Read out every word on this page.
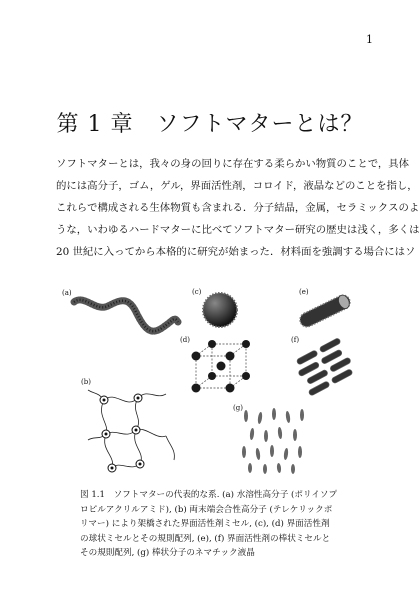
1
第 1 章　ソフトマターとは？
ソフトマターとは，我々の身の回りに存在する柔らかい物質のことで，具体
的には高分子，ゴム，ゲル，界面活性剤，コロイド，液晶などのことを指し，
これらで構成される生体物質も含まれる．分子結晶，金属，セラミックスのよ
うな，いわゆるハードマターに比べてソフトマター研究の歴史は浅く，多くは
20 世紀に入ってから本格的に研究が始まった．材料面を強調する場合にはソ
(a)	(c)	(e)
(d)	(f)
(b)
(g)
図 1.1　ソフトマターの代表的な系. (a) 水溶性高分子 (ポリイソプ
ロピルアクリルアミド), (b) 両末端会合性高分子 (テレケリックポ
リマー) により架橋された界面活性剤ミセル, (c), (d) 界面活性剤
の球状ミセルとその規則配列, (e), (f) 界面活性剤の棒状ミセルと
その規則配列, (g) 棒状分子のネマチック液晶
